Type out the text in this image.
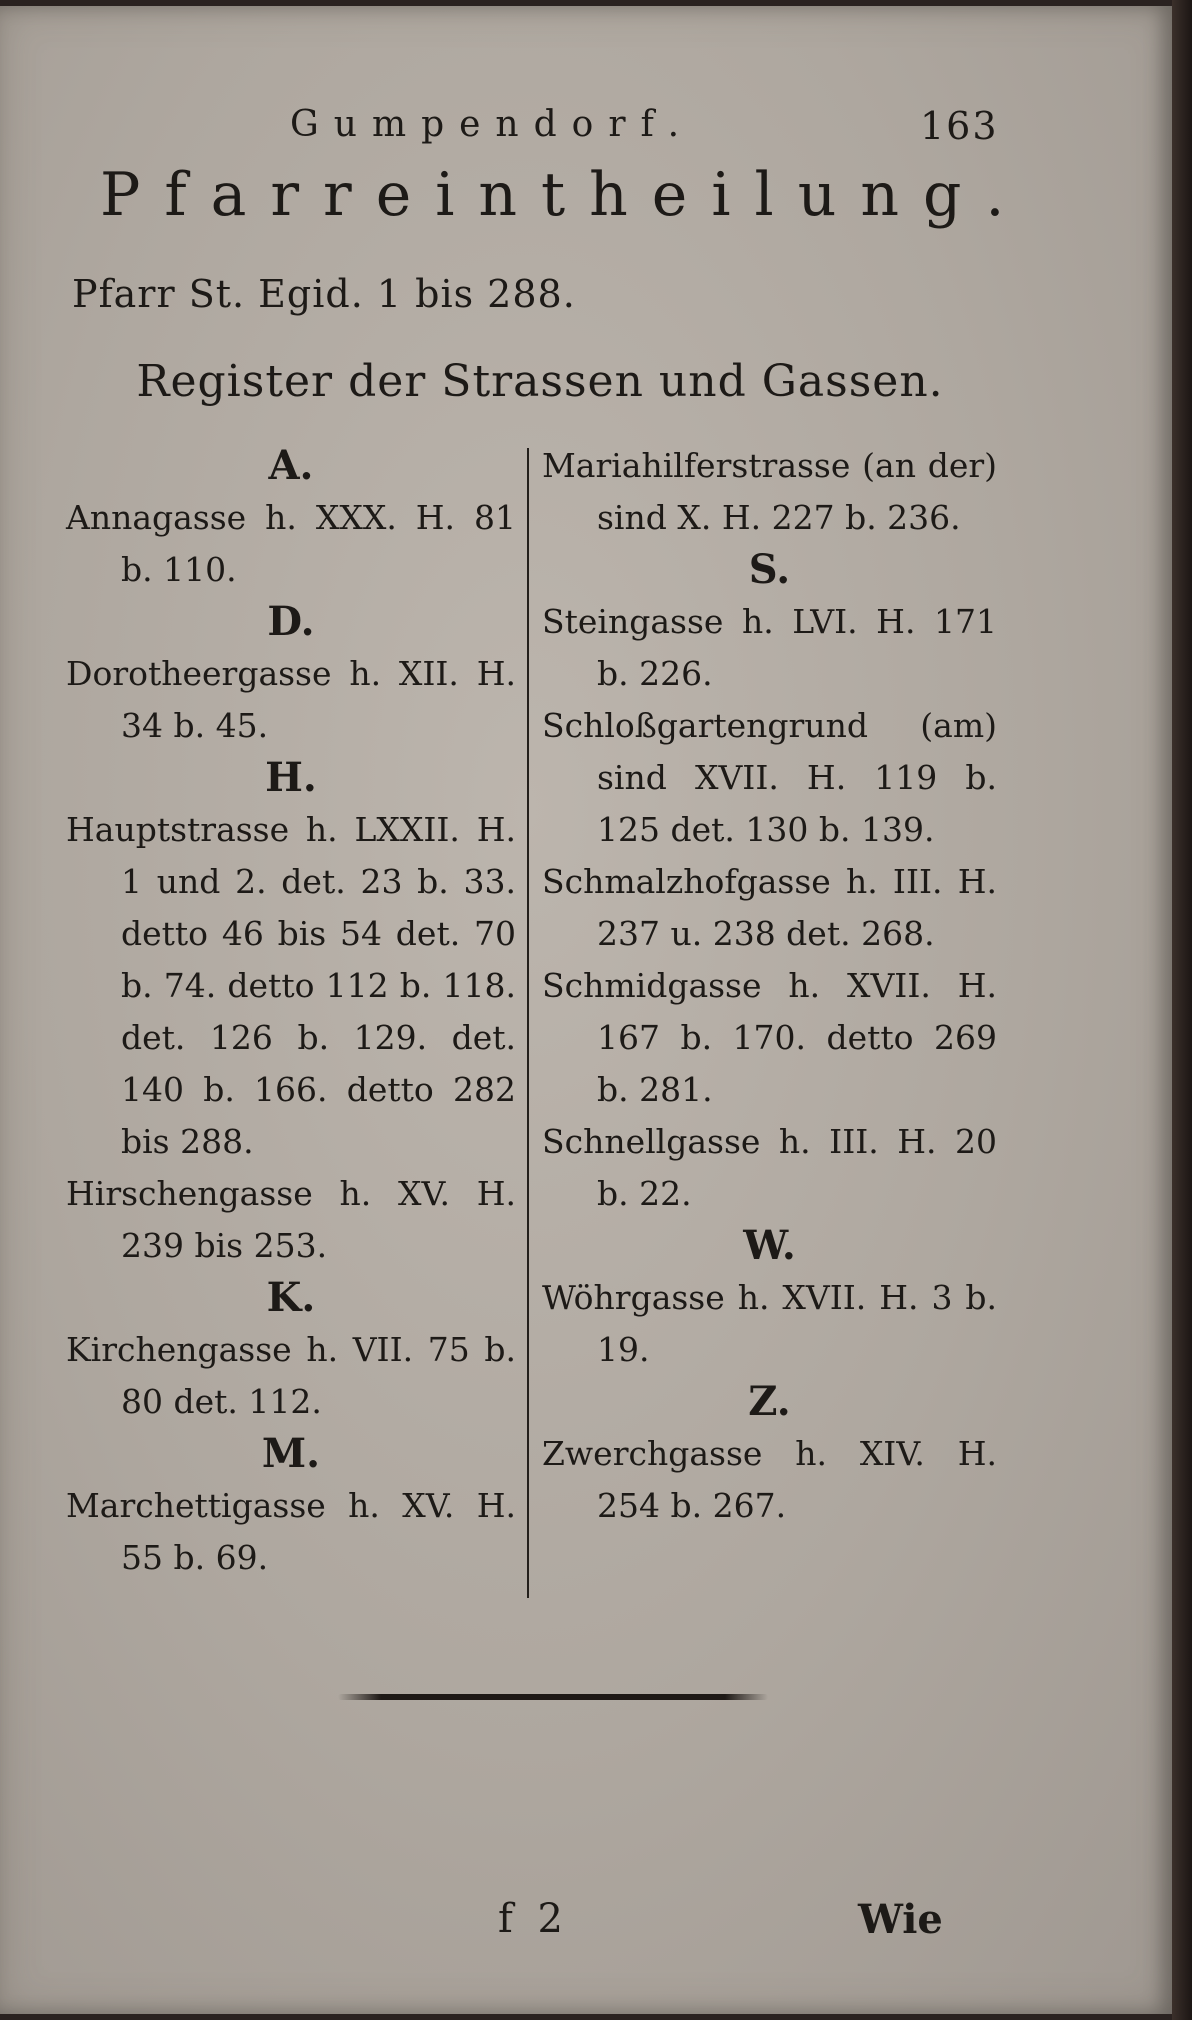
Gumpendorf.	163
Pfarreintheilung.
Pfarr St. Egid. 1 bis 288.
Register der Strassen und Gassen.
A.

Annagasse h. XXX. H. 81 b. 110.

D.

Dorotheergasse h. XII. H. 34 b. 45.

H.

Hauptstrasse h. LXXII. H. 1 und 2. det. 23 b. 33. detto 46 bis 54 det. 70 b. 74. detto 112 b. 118. det. 126 b. 129. det. 140 b. 166. detto 282 bis 288.

Hirschengasse h. XV. H. 239 bis 253.

K.

Kirchengasse h. VII. 75 b. 80 det. 112.

M.

Marchettigasse h. XV. H. 55 b. 69.

Mariahilferstrasse (an der) sind X. H. 227 b. 236.

S.

Steingasse h. LVI. H. 171 b. 226.

Schloßgartengrund (am) sind XVII. H. 119 b. 125 det. 130 b. 139.

Schmalzhofgasse h. III. H. 237 u. 238 det. 268.

Schmidgasse h. XVII. H. 167 b. 170. detto 269 b. 281.

Schnellgasse h. III. H. 20 b. 22.

W.

Wöhrgasse h. XVII. H. 3 b. 19.

Z.

Zwerchgasse h. XIV. H. 254 b. 267.

f 2	Wie
